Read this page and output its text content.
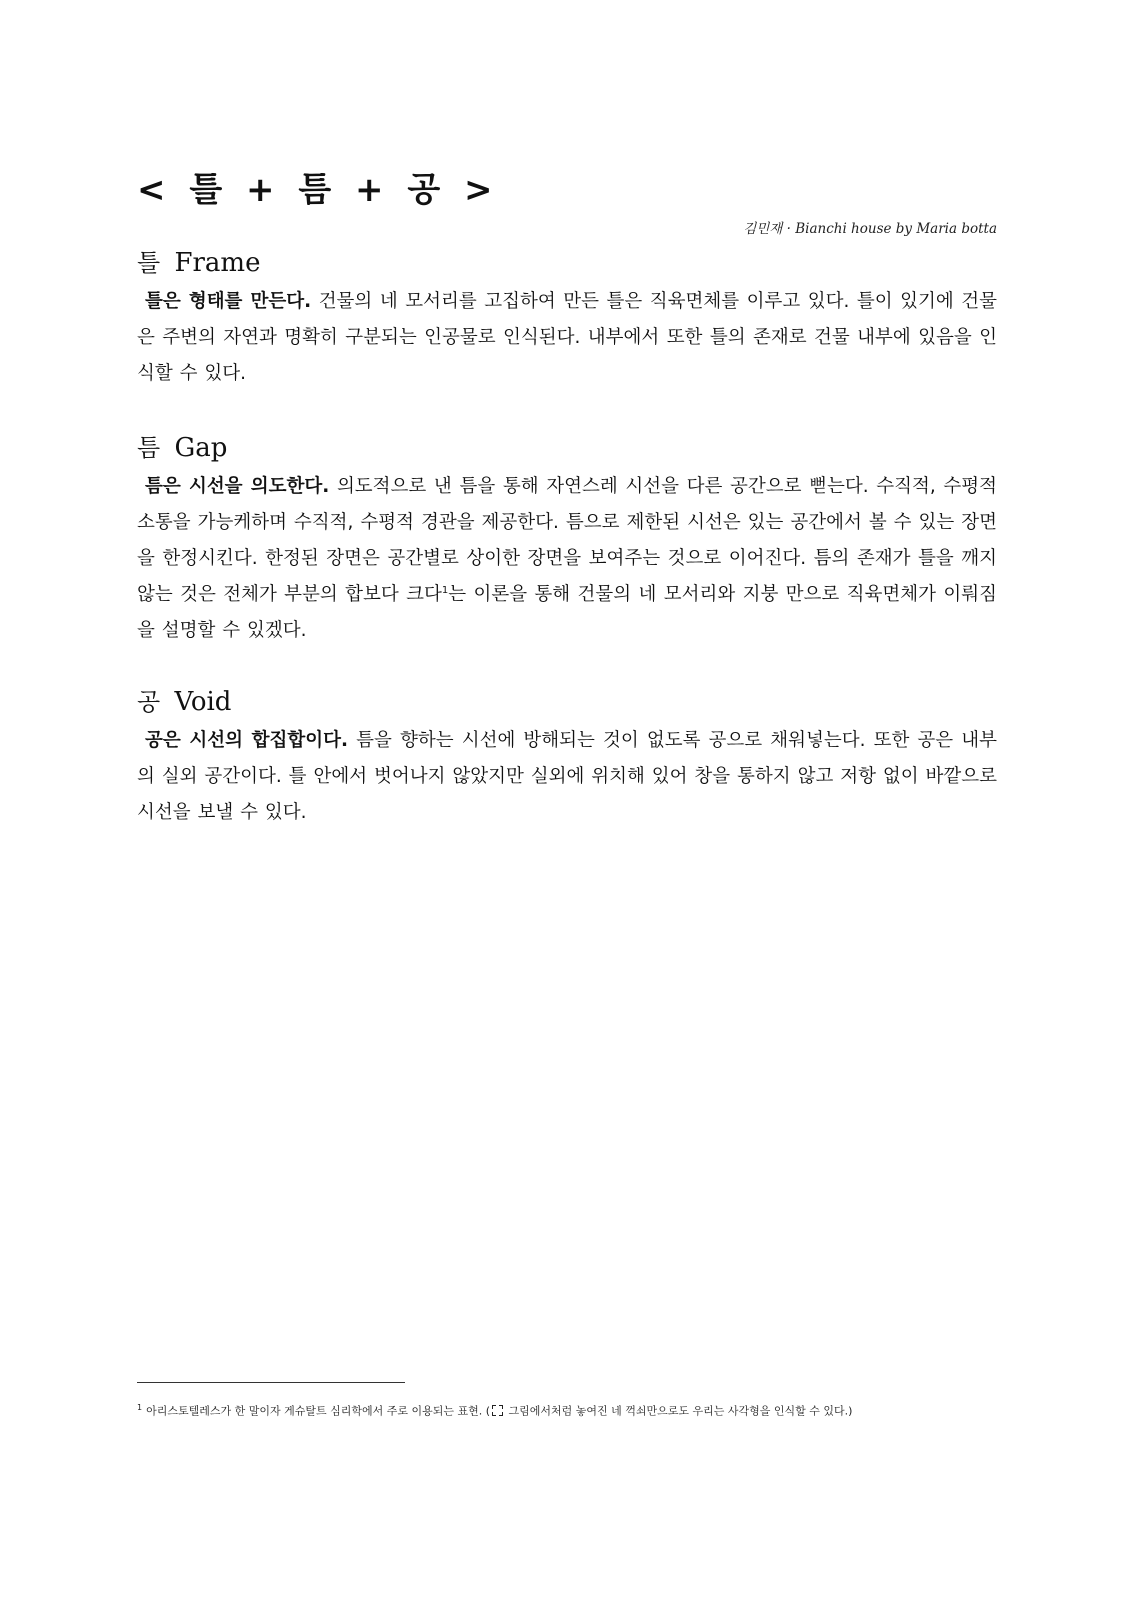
< 틀 + 틈 + 공 >
김민재 · Bianchi house by Maria botta
틀 Frame

틀은 형태를 만든다. 건물의 네 모서리를 고집하여 만든 틀은 직육면체를 이루고 있다. 틀이 있기에 건물은 주변의 자연과 명확히 구분되는 인공물로 인식된다. 내부에서 또한 틀의 존재로 건물 내부에 있음을 인식할 수 있다.

틈 Gap

틈은 시선을 의도한다. 의도적으로 낸 틈을 통해 자연스레 시선을 다른 공간으로 뻗는다. 수직적, 수평적 소통을 가능케하며 수직적, 수평적 경관을 제공한다. 틈으로 제한된 시선은 있는 공간에서 볼 수 있는 장면을 한정시킨다. 한정된 장면은 공간별로 상이한 장면을 보여주는 것으로 이어진다. 틈의 존재가 틀을 깨지 않는 것은 전체가 부분의 합보다 크다$^1$는 이론을 통해 건물의 네 모서리와 지붕 만으로 직육면체가 이뤄짐을 설명할 수 있겠다.

공 Void

공은 시선의 합집합이다. 틈을 향하는 시선에 방해되는 것이 없도록 공으로 채워넣는다. 또한 공은 내부의 실외 공간이다. 틀 안에서 벗어나지 않았지만 실외에 위치해 있어 창을 통하지 않고 저항 없이 바깥으로 시선을 보낼 수 있다.

$^1$ 아리스토텔레스가 한 말이자 게슈탈트 심리학에서 주로 이용되는 표현. (
그림에서처럼 놓여진 네 꺽쇠만으로도 우리는 사각형을 인식할 수 있다.)
